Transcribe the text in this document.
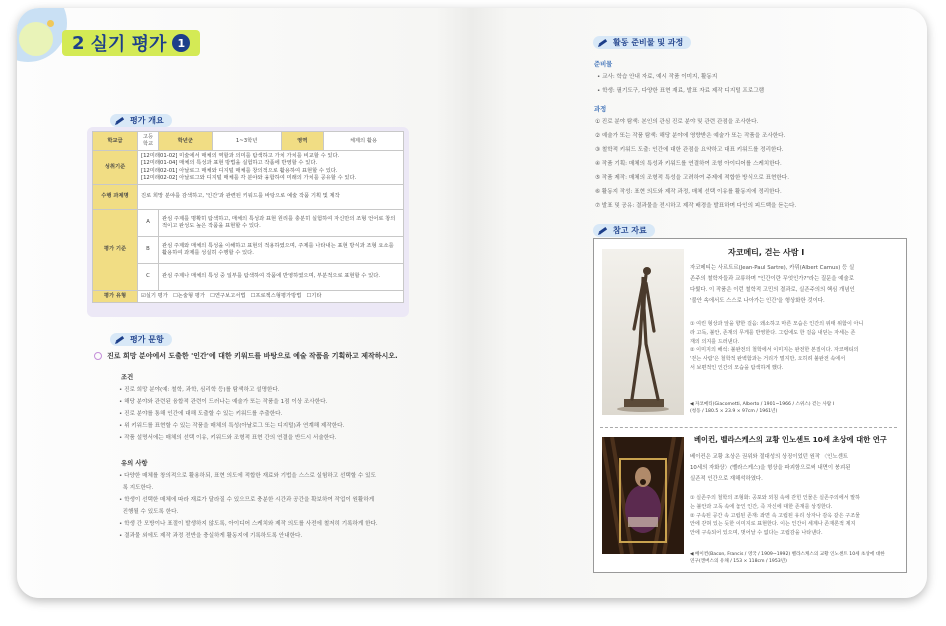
2 실기 평가	1
평가 개요
학교급	고등학교	학년군	1~3학년	영역	체제의 활용
성취기준	[12미래01-02] 미술에서 매체의 역할과 의미를 탐색하고 가치 가치를 비교할 수 있다.
[12미래01-04] 매체의 특성과 표현 방법을 실험하고 작품에 반영할 수 있다.
[12미래02-01] 아날로그 매체와 디지털 매체를 창의적으로 활용하여 표현할 수 있다.
[12미래02-02] 아날로그와 디지털 매체를 각 분야와 융합하여 미래의 가치를 공유할 수 있다.				

수행 과제명	진로 희망 분야를 감색하고, '인간'과 관련된 키워드를 바탕으로 예술 작품 기획 및 제작				
평가 기준	A	관심 주제를 명확히 탐색하고, 매체의 특성과 표현 원리를 충분히 실험하여 자신만의 조형 언어로 창의적이고 완성도 높은 작품을 표현할 수 있다.			
	B	관심 주제와 매체의 특성을 이해하고 표현의 적용하였으며, 주제를 나타내는 표현 방식과 조형 요소를 활용하여 과제를 성실히 수행할 수 있다.			
	C	관심 주제나 매체의 특성 중 일부를 탐색하여 작품에 반영하였으며, 부분적으로 표현할 수 있다.			
평가 유형	☑실기 평가 ☐논술형 평가 ☐연구보고서법 ☐프로젝스형평가방법 ☐기타				
평가 문항
진로 희망 분야에서 도출한 '인간'에 대한 키워드를 바탕으로 예술 작품을 기획하고 제작하시오.
조건
• 진로 희망 분야(예: 철학, 과학, 심리학 등)를 탐색하고 설명한다.
• 해당 분야와 관련된 융합적 관련이 드러나는 예술가 또는 작품을 1점 이상 조사한다.
• 진로 분야를 통해 인간에 대해 도출할 수 있는 키워드를 추출한다.
• 위 키워드를 표현할 수 있는 작품을 매체의 특성(아날로그 또는 디지털)과 연계해 제작한다.
• 작품 설명서에는 매체의 선택 이유, 키워드와 조형적 표현 간의 연결을 반드시 서술한다.
유의 사항
• 다양한 매체를 창의적으로 활용하되, 표현 의도에 적합한 재료와 기법을 스스로 실험하고 선택할 수 있도
록 지도한다.
• 학생이 선택한 매체에 따라 재료가 달라질 수 있으므로 충분한 시간과 공간을 확보하여 작업이 원활하게
진행될 수 있도록 한다.
• 학생 간 모방이나 표절이 발생하지 않도록, 아이디어 스케치와 제작 의도를 사전에 철저히 기록하게 한다.
• 결과물 외에도 제작 과정 전반을 충실하게 활동지에 기록하도록 안내한다.
활동 준비물 및 과정
준비물
• 교사: 학습 안내 자료, 예시 작품 이미지, 활동지
• 학생: 필기도구, 다양한 표현 재료, 발표 자료 제작 디지털 프로그램
과정
① 진로 분야 탐색: 본인의 관심 진로 분야 및 관련 관점을 조사한다.
② 예술가 또는 작품 탐색: 해당 분야에 영향받은 예술가 또는 작품을 조사한다.
③ 철학적 키워드 도출: 인간에 대한 관점을 요약하고 대표 키워드를 정리한다.
④ 작품 기획: 매체의 특성과 키워드를 연결하여 조형 아이디어를 스케치한다.
⑤ 작품 제작: 매체의 조형적 특성을 고려하여 주제에 적합한 방식으로 표현한다.
⑥ 활동지 작성: 표현 의도와 제작 과정, 매체 선택 이유를 활동지에 정리한다.
⑦ 발표 및 공유: 결과물을 전시하고 제작 배경을 발표하며 다인의 피드백을 듣는다.
참고 자료
자코메티, 걷는 사람 Ⅰ
자코메티는 사르트르(Jean-Paul Sartre), 카뮈(Albert Camus) 등 실
존주의 철학자들과 교류하며 "인간이란 무엇인가?"라는 질문을 예술로
다뤘다. 이 작품은 이런 철학적 고민의 결과로, 실존주의의 핵심 개념인
'불안 속에서도 스스로 나아가는 인간'을 형상화한 것이다.
① 여린 형상과 앞을 향한 걸음: 왜소하고 마른 모습은 인간의 위태 위함이 아니
라 고독, 불안, 존재의 무게를 반영한다. 그럼에도 한 걸음 내딛는 자세는 존
재의 의지를 드러낸다.
② 이미지의 해석: 불완전의 철학에서 이미지는 완전한 본질이다. 자코메티의
'걷는 사람'은 철학적 완벽함과는 거리가 멀지만, 오히려 불완전 속에서
서 보편적인 인간의 모습을 탐색하게 했다.
◀ 자코메티(Giacometti, Alberto / 1901~1966 / 스위스) 걷는 사람 Ⅰ
(청동 / 180.5 × 23.9 × 97cm / 1961년)
베이컨, 벨라스케스의 교황 인노센트 10세 초상에 대한 연구
베이컨은 교황 초상은 권위와 절대성의 상징이었던 원작 〈인노센트
10세의 자화상〉(벨라스케스)을 형상을 파괴함으로써 내면이 붕괴된
실존적 인간으로 재해석하였다.
① 실존주의 철학의 조형화: 공포와 외침 속에 갇힌 인물은 실존주의에서 말하
는 불안과 고독 속에 놓인 인간, 즉 자신에 대한 존재를 상징한다.
② 구속된 공간 속 고립된 존재: 좌면 속 고립된 유리 상자나 감옥 같은 구조물
안에 갇혀 있는 듯한 이미지로 표현한다. 이는 인간이 세계나 존재론적 제지
안에 구속되어 있으며, 벗어날 수 없다는 고립감을 나타낸다.
◀ 베이컨(Bacon, Francis / 영국 / 1909~1992) 벨라스케스의 교황 인노센트 10세 초상에 대한
연구(캔버스의 유채 / 153 × 118cm / 1953년)
